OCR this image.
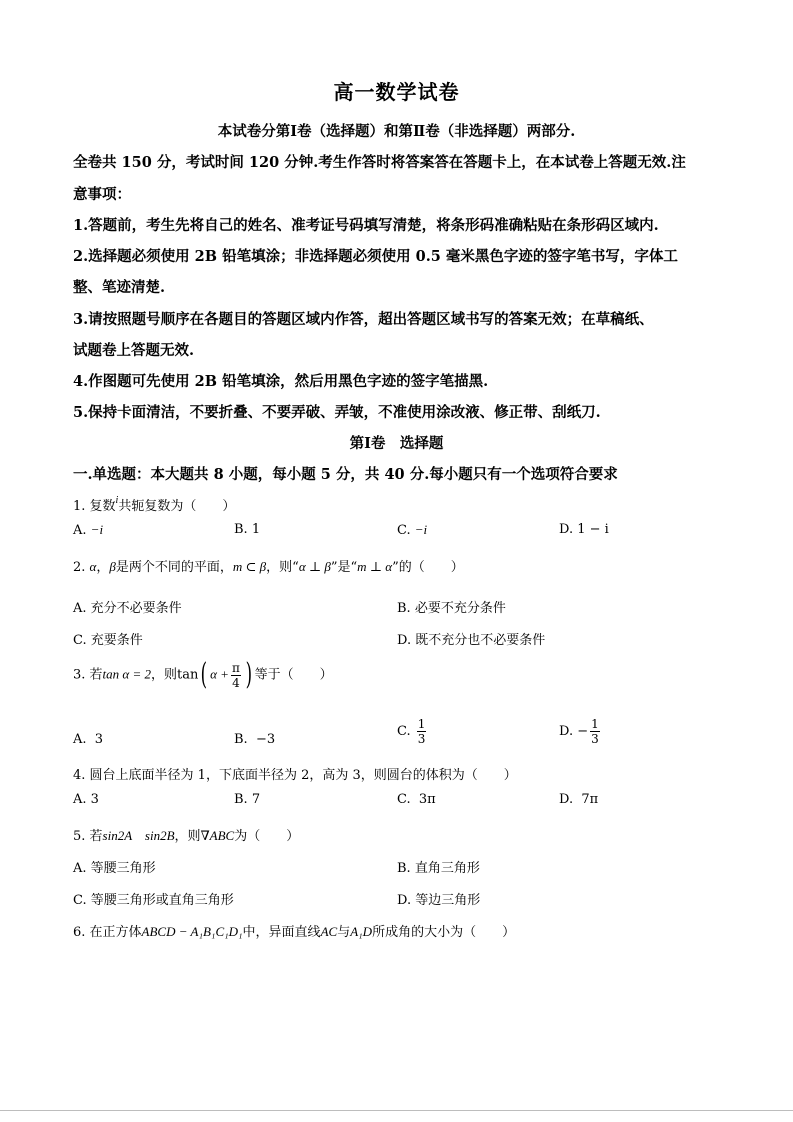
高一数学试卷
本试卷分第Ⅰ卷（选择题）和第Ⅱ卷（非选择题）两部分.
全卷共 150 分，考试时间 120 分钟.考生作答时将答案答在答题卡上，在本试卷上答题无效.注
意事项：
1.答题前，考生先将自己的姓名、准考证号码填写清楚，将条形码准确粘贴在条形码区域内.
2.选择题必须使用 2B 铅笔填涂；非选择题必须使用 0.5 毫米黑色字迹的签字笔书写，字体工
整、笔迹清楚.
3.请按照题号顺序在各题目的答题区域内作答，超出答题区域书写的答案无效；在草稿纸、
试题卷上答题无效.
4.作图题可先使用 2B 铅笔填涂，然后用黑色字迹的签字笔描黑.
5.保持卡面清洁，不要折叠、不要弄破、弄皱，不准使用涂改液、修正带、刮纸刀.
第Ⅰ卷　选择题
一.单选题：本大题共 8 小题，每小题 5 分，共 40 分.每小题只有一个选项符合要求
1. 复数$^i$共轭复数为（　　）
A. −i	B. 1	C. −i	D. 1 − i
2. α，β是两个不同的平面，m ⊂ β，则“α ⊥ β”是“m ⊥ α”的（　　）
A. 充分不必要条件	B. 必要不充分条件
C. 充要条件	D. 既不充分也不必要条件
3. 若tan α = 2，则tan( $\alpha + \frac{\pi}{4}$ ) 等于（　　）
A. 3	B. −3
C. $\frac{1}{3}$	D. − $\frac{1}{3}$
4. 圆台上底面半径为 1，下底面半径为 2，高为 3，则圆台的体积为（　　）
A. 3	B. 7	C. 3π	D. 7π
5. 若sin2A　sin2B，则∇ABC为（　　）
A. 等腰三角形	B. 直角三角形
C. 等腰三角形或直角三角形	D. 等边三角形
6. 在正方体ABCD − A₁B₁C₁D₁中，异面直线AC与A₁D所成角的大小为（　　）
